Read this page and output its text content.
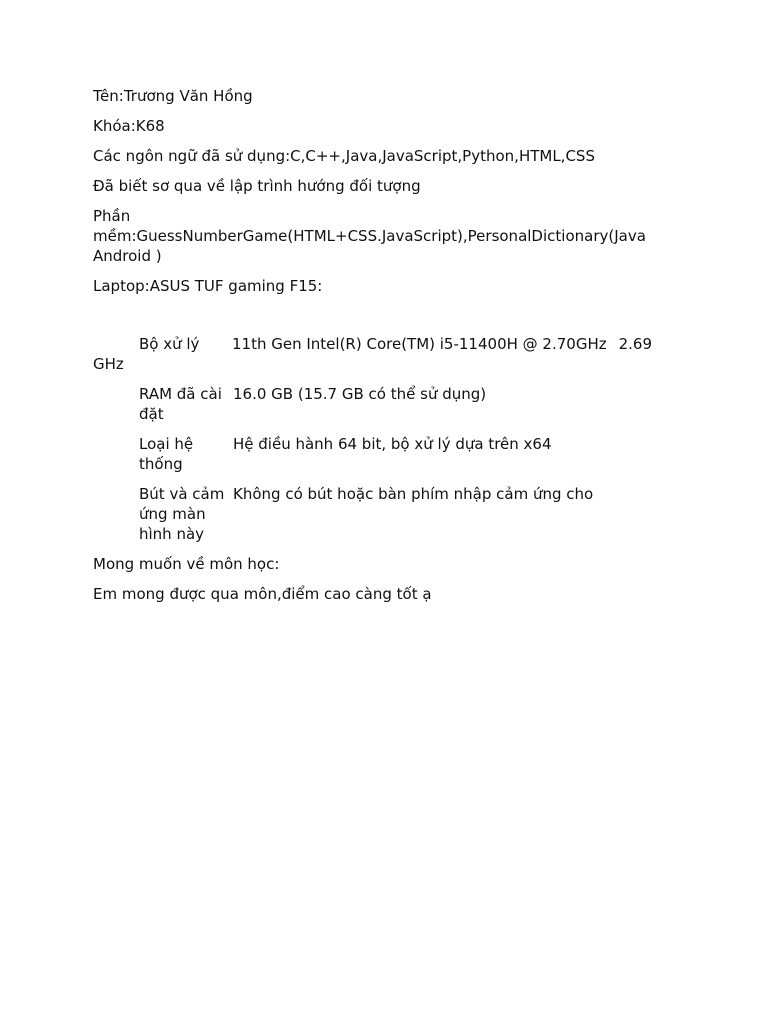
Tên:Trương Văn Hồng

Khóa:K68

Các ngôn ngữ đã sử dụng:C,C++,Java,JavaScript,Python,HTML,CSS

Đã biết sơ qua về lập trình hướng đối tượng

Phần mềm:GuessNumberGame(HTML+CSS.JavaScript),PersonalDictionary(Java Android )

Laptop:ASUS TUF gaming F15:

Bộ xử lý 11th Gen Intel(R) Core(TM) i5-11400H @ 2.70GHz 2.69 GHz

RAM đã cài đặt
16.0 GB (15.7 GB có thể sử dụng)
Loại hệ thống
Hệ điều hành 64 bit, bộ xử lý dựa trên x64
Bút và cảm ứng màn hình này
Không có bút hoặc bàn phím nhập cảm ứng cho

Mong muốn về môn học:

Em mong được qua môn,điểm cao càng tốt ạ
